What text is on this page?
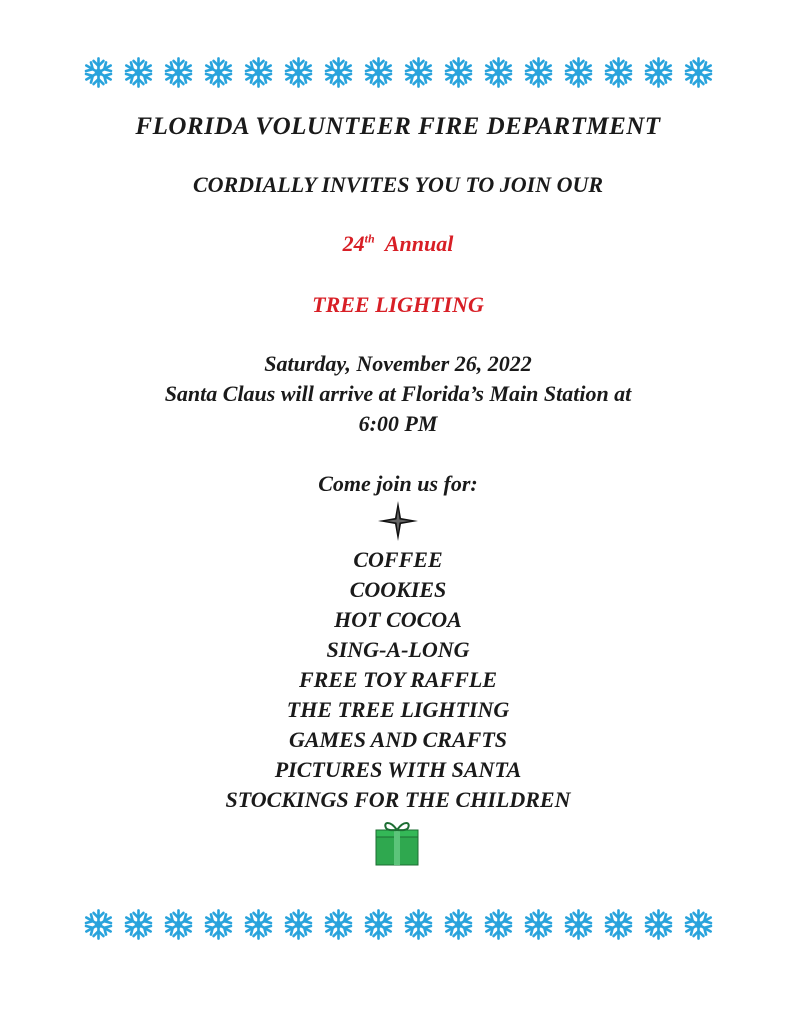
FLORIDA VOLUNTEER FIRE DEPARTMENT
CORDIALLY INVITES YOU TO JOIN OUR
24th Annual
TREE LIGHTING
Saturday, November 26, 2022
Santa Claus will arrive at Florida’s Main Station at
6:00 PM
Come join us for:
COFFEE
COOKIES
HOT COCOA
SING-A-LONG
FREE TOY RAFFLE
THE TREE LIGHTING
GAMES AND CRAFTS
PICTURES WITH SANTA
STOCKINGS FOR THE CHILDREN
